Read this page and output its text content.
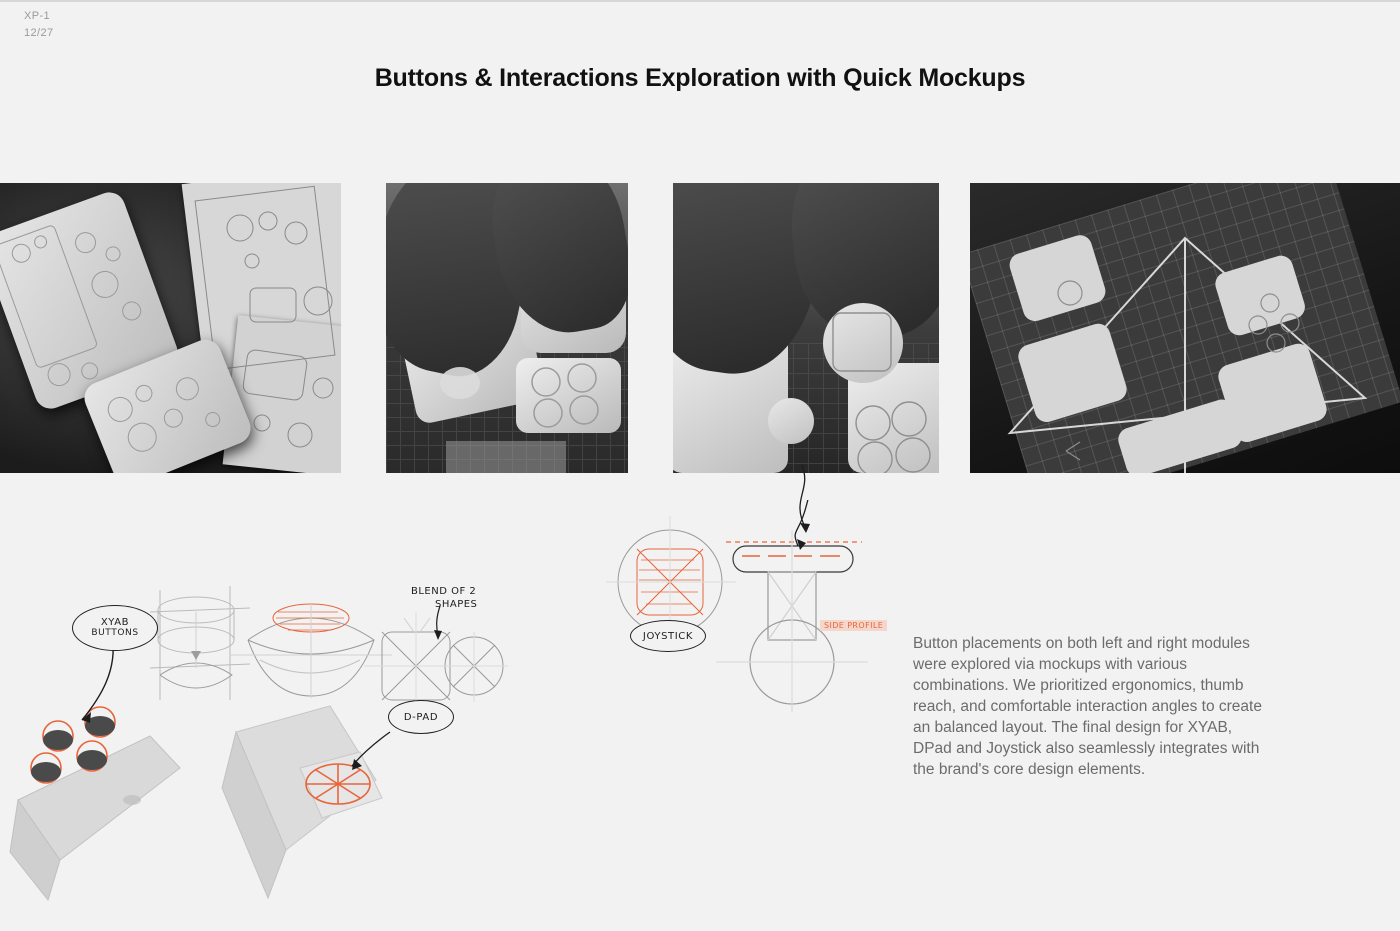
XP-1
12/27
Buttons & Interactions Exploration with Quick Mockups
XYAB
BUTTONS
D-PAD
JOYSTICK
BLEND OF 2
SHAPES
SIDE PROFILE
Button placements on both left and right modules were explored via mockups with various combinations. We prioritized ergonomics, thumb reach, and comfortable interaction angles to create an balanced layout. The final design for XYAB, DPad and Joystick also seamlessly integrates with the brand's core design elements.
